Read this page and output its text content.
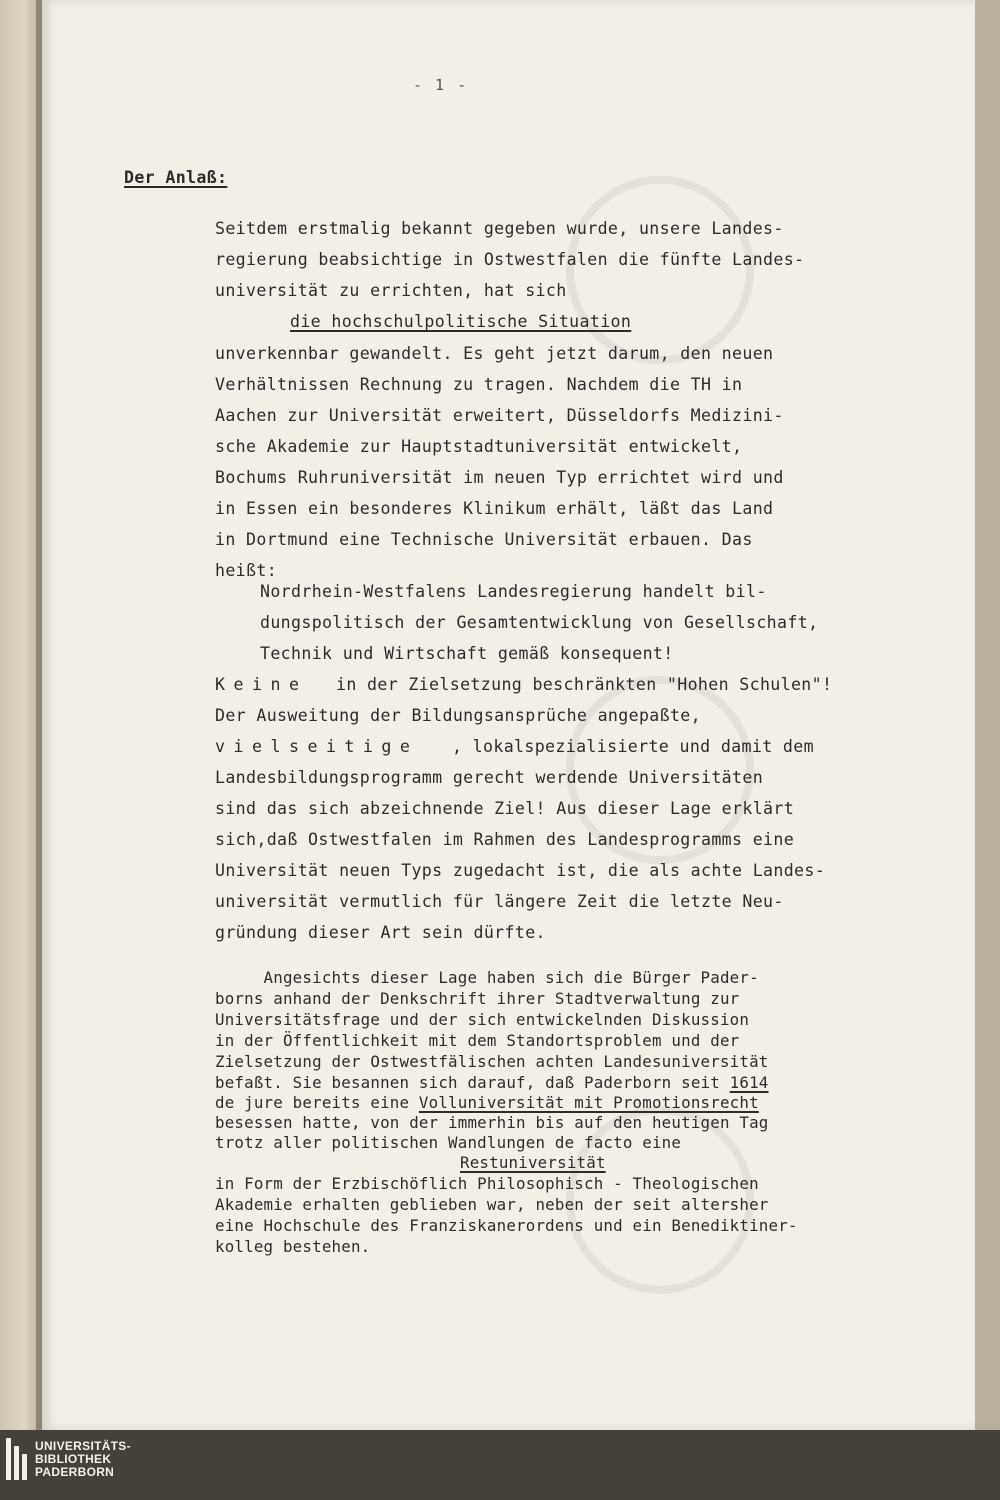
- 1 -

Der Anlaß:

Seitdem erstmalig bekannt gegeben wurde, unsere Landes-

regierung beabsichtige in Ostwestfalen die fünfte Landes-

universität zu errichten, hat sich

die hochschulpolitische Situation

unverkennbar gewandelt. Es geht jetzt darum, den neuen

Verhältnissen Rechnung zu tragen. Nachdem die TH in

Aachen zur Universität erweitert, Düsseldorfs Medizini-

sche Akademie zur Hauptstadtuniversität entwickelt,

Bochums Ruhruniversität im neuen Typ errichtet wird und

in Essen ein besonderes Klinikum erhält, läßt das Land

in Dortmund eine Technische Universität erbauen. Das

heißt:

Nordrhein-Westfalens Landesregierung handelt bil-

dungspolitisch der Gesamtentwicklung von Gesellschaft,

Technik und Wirtschaft gemäß konsequent!

Keine in der Zielsetzung beschränkten "Hohen Schulen"!

Der Ausweitung der Bildungsansprüche angepaßte,

vielseitige , lokalspezialisierte und damit dem

Landesbildungsprogramm gerecht werdende Universitäten

sind das sich abzeichnende Ziel! Aus dieser Lage erklärt

sich,daß Ostwestfalen im Rahmen des Landesprogramms eine

Universität neuen Typs zugedacht ist, die als achte Landes-

universität vermutlich für längere Zeit die letzte Neu-

gründung dieser Art sein dürfte.

Angesichts dieser Lage haben sich die Bürger Pader-

borns anhand der Denkschrift ihrer Stadtverwaltung zur

Universitätsfrage und der sich entwickelnden Diskussion

in der Öffentlichkeit mit dem Standortsproblem und der

Zielsetzung der Ostwestfälischen achten Landesuniversität

befaßt. Sie besannen sich darauf, daß Paderborn seit 1614

de jure bereits eine Volluniversität mit Promotionsrecht

besessen hatte, von der immerhin bis auf den heutigen Tag

trotz aller politischen Wandlungen de facto eine

Restuniversität

in Form der Erzbischöflich Philosophisch - Theologischen

Akademie erhalten geblieben war, neben der seit altersher

eine Hochschule des Franziskanerordens und ein Benediktiner-

kolleg bestehen.

UNIVERSITÄTS-
BIBLIOTHEK
PADERBORN
